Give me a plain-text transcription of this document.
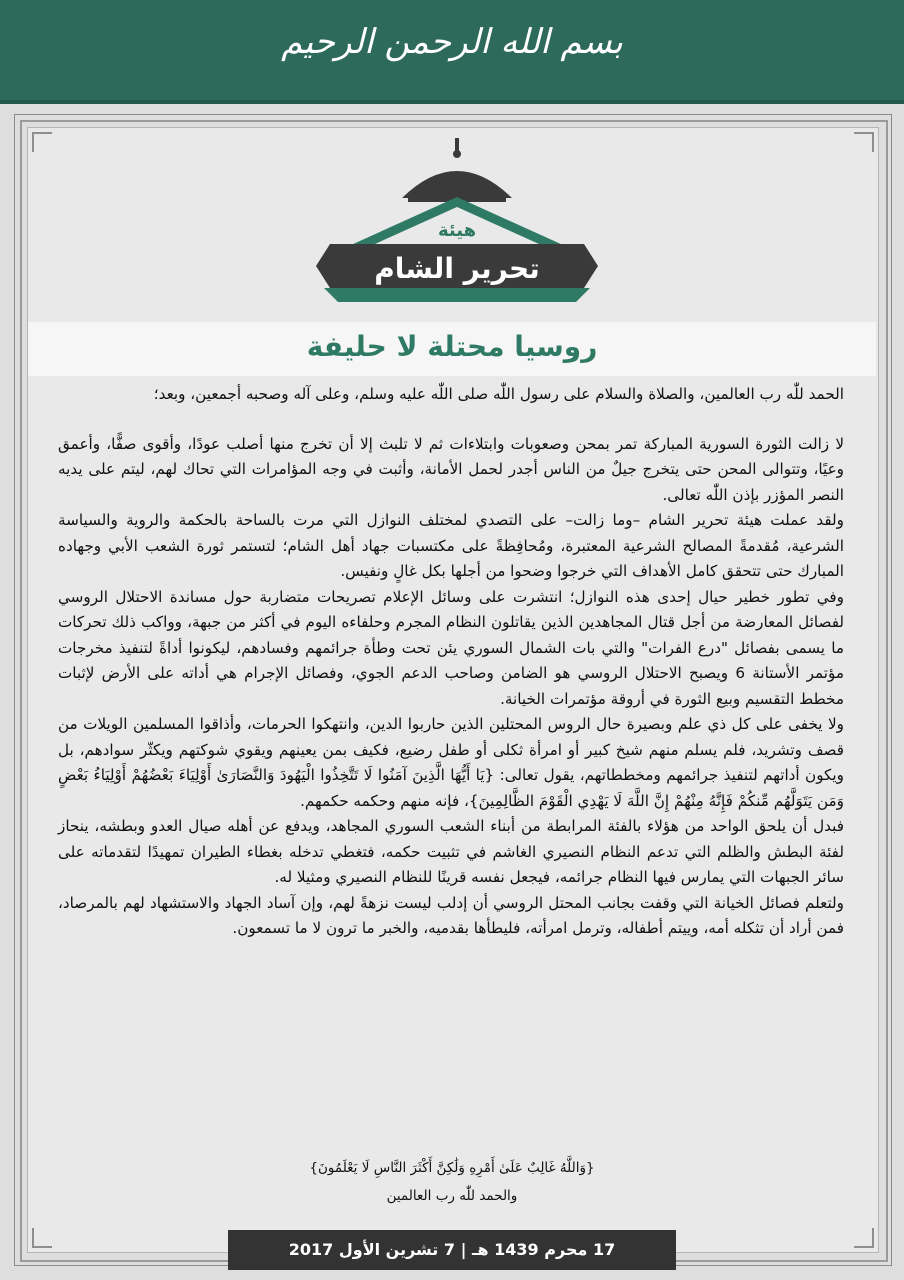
بسم الله الرحمن الرحيم
هيئة
تحرير الشام
روسيا محتلة لا حليفة

الحمد للّٰه رب العالمين، والصلاة والسلام على رسول اللّٰه صلى اللّٰه عليه وسلم، وعلى آله وصحبه أجمعين، وبعد؛

لا زالت الثورة السورية المباركة تمر بمحن وصعوبات وابتلاءات ثم لا تلبث إلا أن تخرج منها أصلب عودًا، وأقوى صفًّا، وأعمق وعيًا، وتتوالى المحن حتى يتخرج جيلٌ من الناس أجدر لحمل الأمانة، وأثبت في وجه المؤامرات التي تحاك لهم، ليتم على يديه النصر المؤزر بإذن اللّٰه تعالى.

ولقد عملت هيئة تحرير الشام –وما زالت– على التصدي لمختلف النوازل التي مرت بالساحة بالحكمة والروية والسياسة الشرعية، مُقدمةً المصالح الشرعية المعتبرة، ومُحافِظةً على مكتسبات جهاد أهل الشام؛ لتستمر ثورة الشعب الأبي وجهاده المبارك حتى تتحقق كامل الأهداف التي خرجوا وضحوا من أجلها بكل غالٍ ونفيس.

وفي تطور خطير حيال إحدى هذه النوازل؛ انتشرت على وسائل الإعلام تصريحات متضاربة حول مساندة الاحتلال الروسي لفصائل المعارضة من أجل قتال المجاهدين الذين يقاتلون النظام المجرم وحلفاءه اليوم في أكثر من جبهة، وواكب ذلك تحركات ما يسمى بفصائل "درع الفرات" والتي بات الشمال السوري يئن تحت وطأة جرائمهم وفسادهم، ليكونوا أداةً لتنفيذ مخرجات مؤتمر الأستانة 6 ويصبح الاحتلال الروسي هو الضامن وصاحب الدعم الجوي، وفصائل الإجرام هي أداته على الأرض لإثبات مخطط التقسيم وبيع الثورة في أروقة مؤتمرات الخيانة.

ولا يخفى على كل ذي علم وبصيرة حال الروس المحتلين الذين حاربوا الدين، وانتهكوا الحرمات، وأذاقوا المسلمين الويلات من قصف وتشريد، فلم يسلم منهم شيخ كبير أو امرأة ثكلى أو طفل رضيع، فكيف بمن يعينهم ويقوي شوكتهم ويكثّر سوادهم، بل ويكون أداتهم لتنفيذ جرائمهم ومخططاتهم، يقول تعالى: {يَا أَيُّهَا الَّذِينَ آمَنُوا لَا تَتَّخِذُوا الْيَهُودَ وَالنَّصَارَىٰ أَوْلِيَاءَ بَعْضُهُمْ أَوْلِيَاءُ بَعْضٍ وَمَن يَتَوَلَّهُم مِّنكُمْ فَإِنَّهُ مِنْهُمْ إِنَّ اللَّهَ لَا يَهْدِي الْقَوْمَ الظَّالِمِينَ}، فإنه منهم وحكمه حكمهم.

فبدل أن يلحق الواحد من هؤلاء بالفئة المرابطة من أبناء الشعب السوري المجاهد، ويدفع عن أهله صيال العدو وبطشه، ينحاز لفئة البطش والظلم التي تدعم النظام النصيري الغاشم في تثبيت حكمه، فتغطي تدخله بغطاء الطيران تمهيدًا لتقدماته على سائر الجبهات التي يمارس فيها النظام جرائمه، فيجعل نفسه قرينًا للنظام النصيري ومثيلا له.

ولتعلم فصائل الخيانة التي وقفت بجانب المحتل الروسي أن إدلب ليست نزهةً لهم، وإن آساد الجهاد والاستشهاد لهم بالمرصاد، فمن أراد أن تثكله أمه، وييتم أطفاله، وترمل امرأته، فليطأها بقدميه، والخبر ما ترون لا ما تسمعون.

{وَاللَّهُ غَالِبٌ عَلَىٰ أَمْرِهِ وَلَٰكِنَّ أَكْثَرَ النَّاسِ لَا يَعْلَمُونَ}
والحمد للّٰه رب العالمين
17 محرم 1439 هـ | 7 تشرين الأول 2017
